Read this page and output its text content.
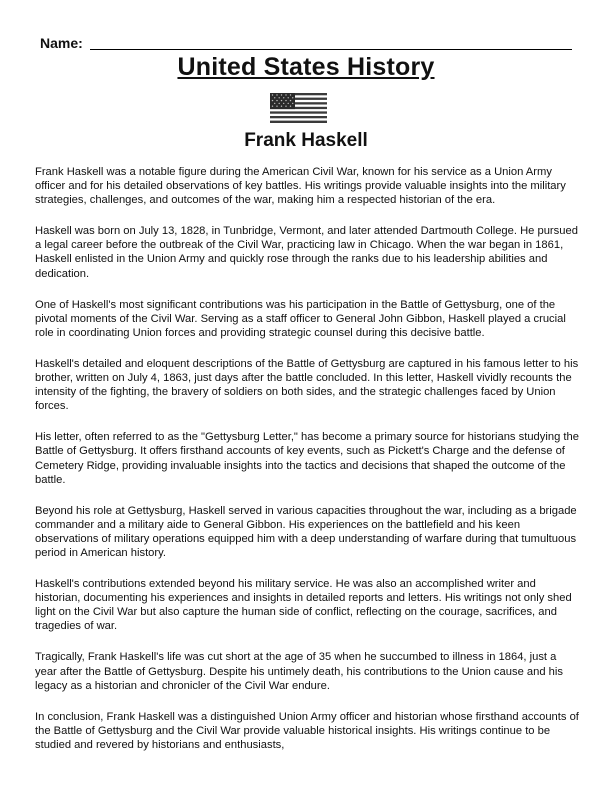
Name:
United States History
Frank Haskell

Frank Haskell was a notable figure during the American Civil War, known for his service as a Union Army officer and for his detailed observations of key battles. His writings provide valuable insights into the military strategies, challenges, and outcomes of the war, making him a respected historian of the era.

Haskell was born on July 13, 1828, in Tunbridge, Vermont, and later attended Dartmouth College. He pursued a legal career before the outbreak of the Civil War, practicing law in Chicago. When the war began in 1861, Haskell enlisted in the Union Army and quickly rose through the ranks due to his leadership abilities and dedication.

One of Haskell's most significant contributions was his participation in the Battle of Gettysburg, one of the pivotal moments of the Civil War. Serving as a staff officer to General John Gibbon, Haskell played a crucial role in coordinating Union forces and providing strategic counsel during this decisive battle.

Haskell's detailed and eloquent descriptions of the Battle of Gettysburg are captured in his famous letter to his brother, written on July 4, 1863, just days after the battle concluded. In this letter, Haskell vividly recounts the intensity of the fighting, the bravery of soldiers on both sides, and the strategic challenges faced by Union forces.

His letter, often referred to as the "Gettysburg Letter," has become a primary source for historians studying the Battle of Gettysburg. It offers firsthand accounts of key events, such as Pickett's Charge and the defense of Cemetery Ridge, providing invaluable insights into the tactics and decisions that shaped the outcome of the battle.

Beyond his role at Gettysburg, Haskell served in various capacities throughout the war, including as a brigade commander and a military aide to General Gibbon. His experiences on the battlefield and his keen observations of military operations equipped him with a deep understanding of warfare during that tumultuous period in American history.

Haskell's contributions extended beyond his military service. He was also an accomplished writer and historian, documenting his experiences and insights in detailed reports and letters. His writings not only shed light on the Civil War but also capture the human side of conflict, reflecting on the courage, sacrifices, and tragedies of war.

Tragically, Frank Haskell's life was cut short at the age of 35 when he succumbed to illness in 1864, just a year after the Battle of Gettysburg. Despite his untimely death, his contributions to the Union cause and his legacy as a historian and chronicler of the Civil War endure.

In conclusion, Frank Haskell was a distinguished Union Army officer and historian whose firsthand accounts of the Battle of Gettysburg and the Civil War provide valuable historical insights. His writings continue to be studied and revered by historians and enthusiasts,
